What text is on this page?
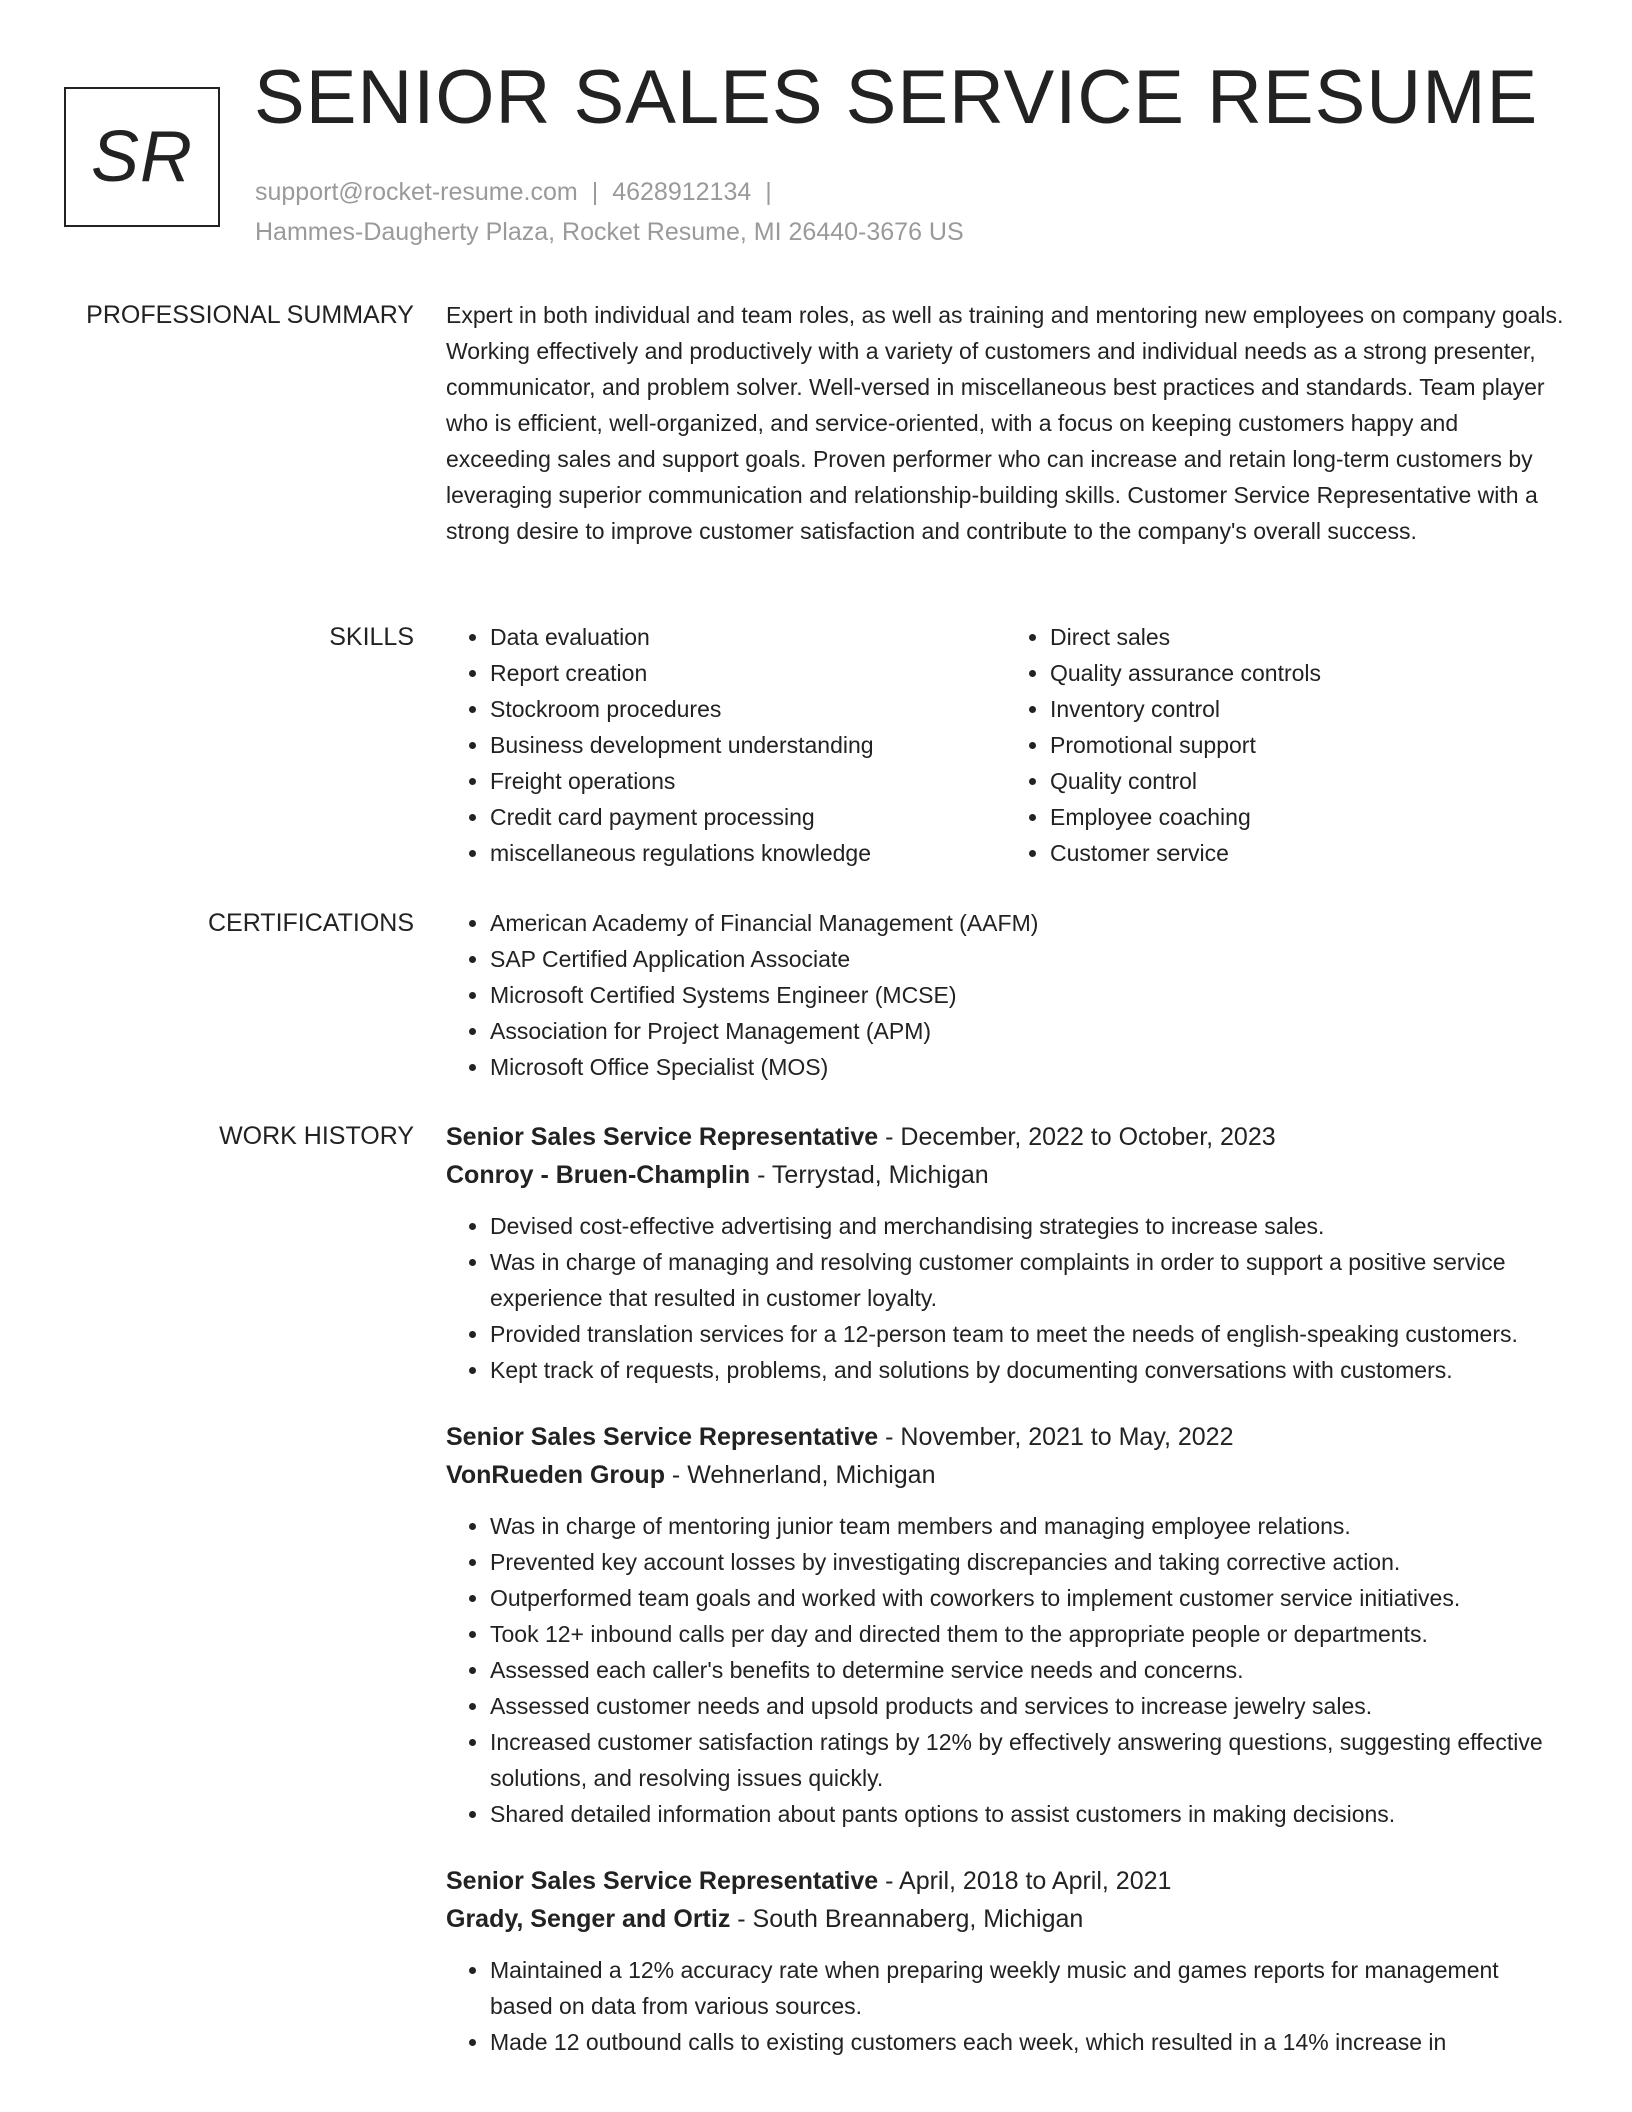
SR
SENIOR SALES SERVICE RESUME
support@rocket-resume.com | 4628912134 |
Hammes-Daugherty Plaza, Rocket Resume, MI 26440-3676 US
PROFESSIONAL SUMMARY Expert in both individual and team roles, as well as training and mentoring new employees on company goals. Working effectively and productively with a variety of customers and individual needs as a strong presenter, communicator, and problem solver. Well-versed in miscellaneous best practices and standards. Team player who is efficient, well-organized, and service-oriented, with a focus on keeping customers happy and exceeding sales and support goals. Proven performer who can increase and retain long-term customers by leveraging superior communication and relationship-building skills. Customer Service Representative with a strong desire to improve customer satisfaction and contribute to the company's overall success.

SKILLS	• Data evaluation
• Report creation
• Stockroom procedures
• Business development understanding
• Freight operations
• Credit card payment processing
• miscellaneous regulations knowledge
• Direct sales
• Quality assurance controls
• Inventory control
• Promotional support
• Quality control
• Employee coaching
• Customer service
CERTIFICATIONS	• American Academy of Financial Management (AAFM)
• SAP Certified Application Associate
• Microsoft Certified Systems Engineer (MCSE)
• Association for Project Management (APM)
• Microsoft Office Specialist (MOS)
WORK HISTORY Senior Sales Service Representative - December, 2022 to October, 2023
Conroy - Bruen-Champlin - Terrystad, Michigan
• Devised cost-effective advertising and merchandising strategies to increase sales.
• Was in charge of managing and resolving customer complaints in order to support a positive service experience that resulted in customer loyalty.
• Provided translation services for a 12-person team to meet the needs of english-speaking customers.
• Kept track of requests, problems, and solutions by documenting conversations with customers.
Senior Sales Service Representative - November, 2021 to May, 2022
VonRueden Group - Wehnerland, Michigan
• Was in charge of mentoring junior team members and managing employee relations.
• Prevented key account losses by investigating discrepancies and taking corrective action.
• Outperformed team goals and worked with coworkers to implement customer service initiatives.
• Took 12+ inbound calls per day and directed them to the appropriate people or departments.
• Assessed each caller's benefits to determine service needs and concerns.
• Assessed customer needs and upsold products and services to increase jewelry sales.
• Increased customer satisfaction ratings by 12% by effectively answering questions, suggesting effective solutions, and resolving issues quickly.
• Shared detailed information about pants options to assist customers in making decisions.
Senior Sales Service Representative - April, 2018 to April, 2021
Grady, Senger and Ortiz - South Breannaberg, Michigan
• Maintained a 12% accuracy rate when preparing weekly music and games reports for management based on data from various sources.
• Made 12 outbound calls to existing customers each week, which resulted in a 14% increase in
